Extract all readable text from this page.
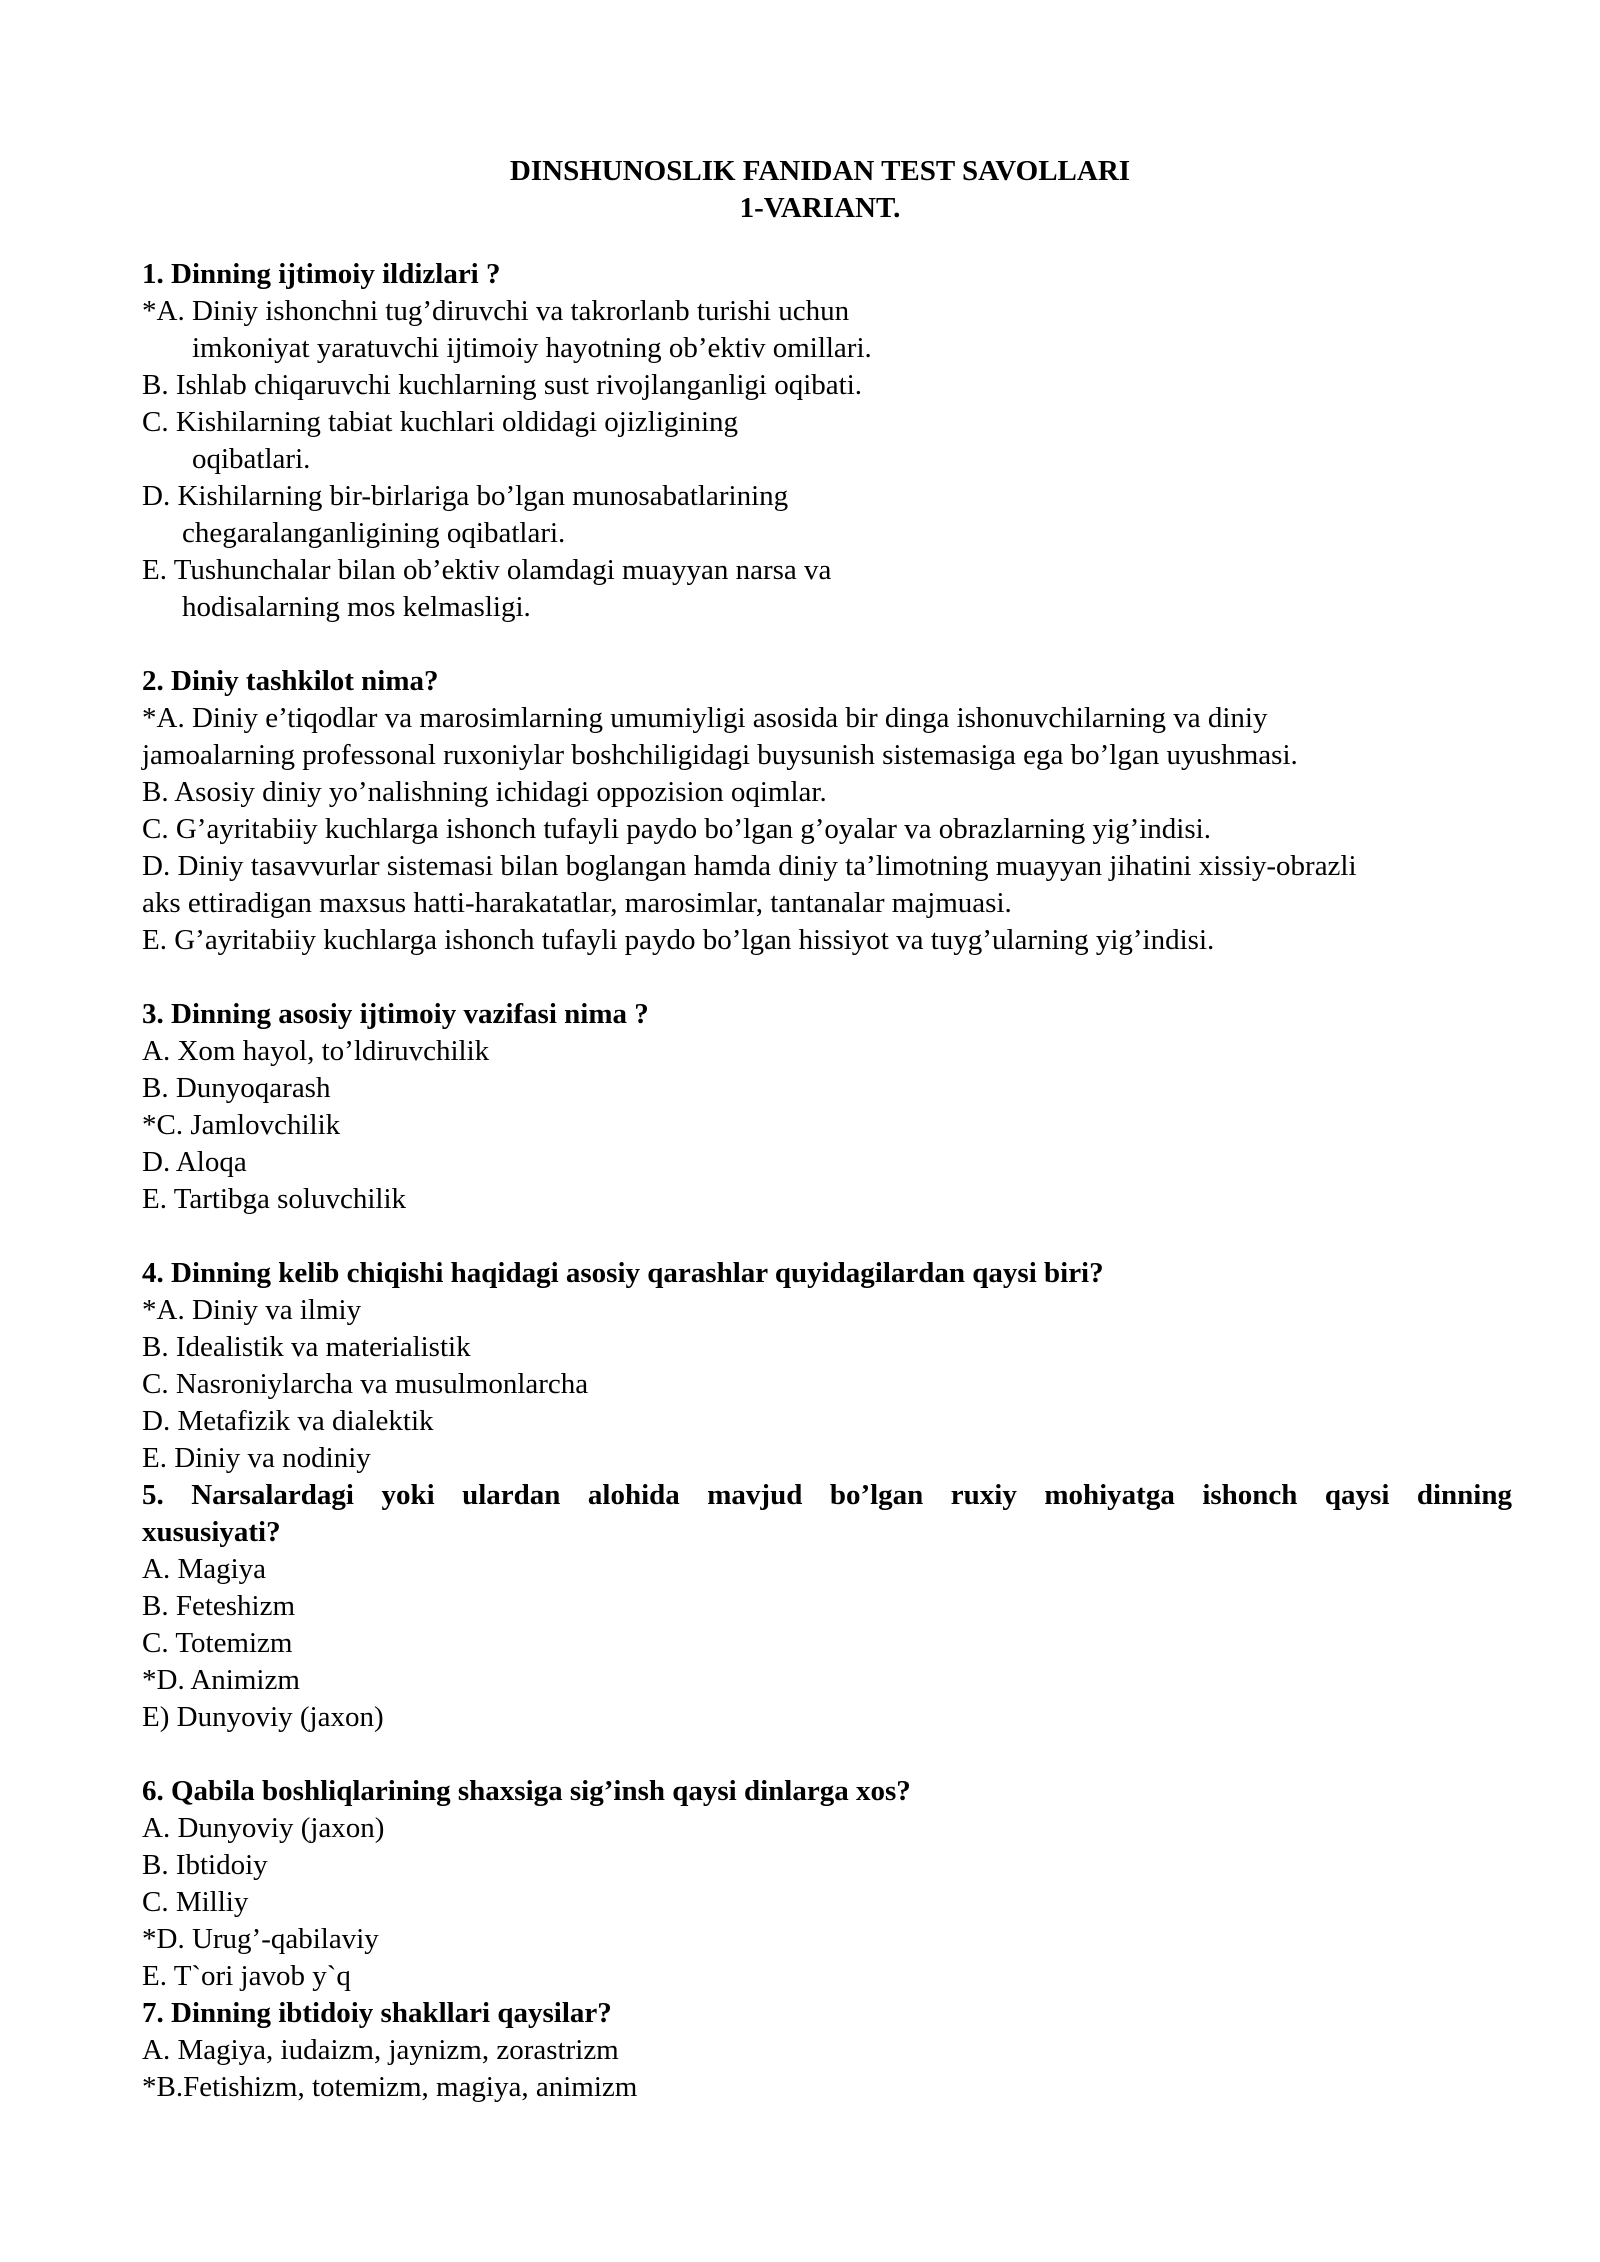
DINSHUNOSLIK FANIDAN TEST SAVOLLARI
1-VARIANT.
1. Dinning ijtimoiy ildizlari ?
*A. Diniy ishonchni tug’diruvchi va takrorlanb turishi uchun
imkoniyat yaratuvchi ijtimoiy hayotning ob’ektiv omillari.
B. Ishlab chiqaruvchi kuchlarning sust rivojlanganligi oqibati.
C. Kishilarning tabiat kuchlari oldidagi ojizligining
oqibatlari.
D. Kishilarning bir-birlariga bo’lgan munosabatlarining
chegaralanganligining oqibatlari.
E. Tushunchalar bilan ob’ektiv olamdagi muayyan narsa va
hodisalarning mos kelmasligi.
2. Diniy tashkilot nima?
*A. Diniy e’tiqodlar va marosimlarning umumiyligi asosida bir dinga ishonuvchilarning va diniy
jamoalarning professonal ruxoniylar boshchiligidagi buysunish sistemasiga ega bo’lgan uyushmasi.
B. Asosiy diniy yo’nalishning ichidagi oppozision oqimlar.
C. G’ayritabiiy kuchlarga ishonch tufayli paydo bo’lgan g’oyalar va obrazlarning yig’indisi.
D. Diniy tasavvurlar sistemasi bilan boglangan hamda diniy ta’limotning muayyan jihatini xissiy-obrazli
aks ettiradigan maxsus hatti-harakatatlar, marosimlar, tantanalar majmuasi.
E. G’ayritabiiy kuchlarga ishonch tufayli paydo bo’lgan hissiyot va tuyg’ularning yig’indisi.
3. Dinning asosiy ijtimoiy vazifasi nima ?
A. Xom hayol, to’ldiruvchilik
B. Dunyoqarash
*C. Jamlovchilik
D. Aloqa
E. Tartibga soluvchilik
4. Dinning kelib chiqishi haqidagi asosiy qarashlar quyidagilardan qaysi biri?
*A. Diniy va ilmiy
B. Idealistik va materialistik
C. Nasroniylarcha va musulmonlarcha
D. Metafizik va dialektik
E. Diniy va nodiniy
5. Narsalardagi yoki ulardan alohida mavjud bo’lgan ruxiy mohiyatga ishonch qaysi dinning
xususiyati?
A. Magiya
B. Feteshizm
C. Totemizm
*D. Animizm
E) Dunyoviy (jaxon)
6. Qabila boshliqlarining shaxsiga sig’insh qaysi dinlarga xos?
A. Dunyoviy (jaxon)
B. Ibtidoiy
C. Milliy
*D. Urug’-qabilaviy
E. T`ori javob y`q
7. Dinning ibtidoiy shakllari qaysilar?
A. Magiya, iudaizm, jaynizm, zorastrizm
*B.Fetishizm, totemizm, magiya, animizm
